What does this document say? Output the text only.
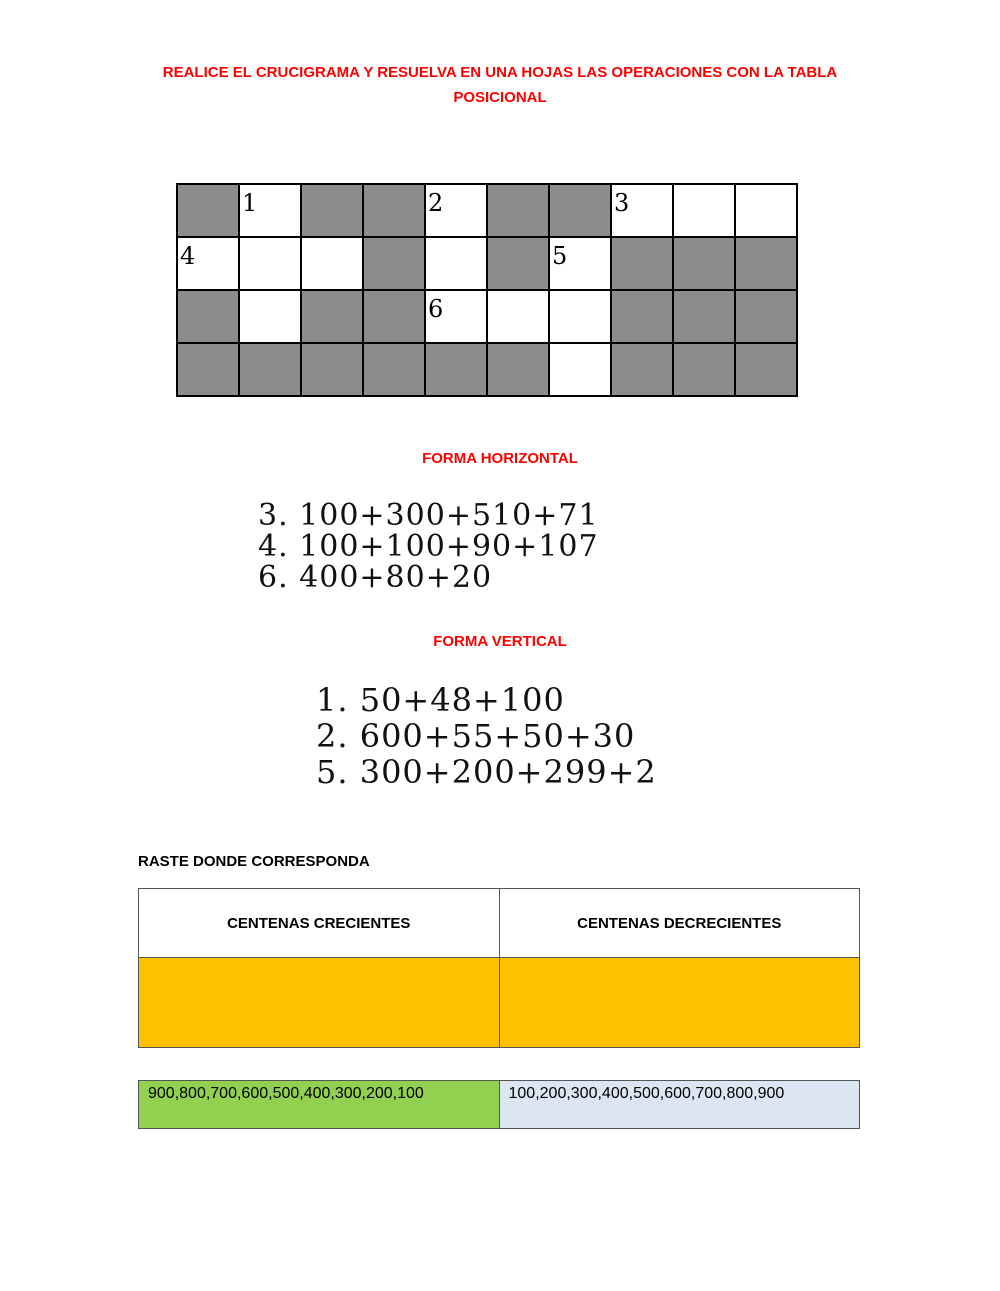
REALICE EL CRUCIGRAMA Y RESUELVA EN UNA HOJAS LAS OPERACIONES CON LA TABLA
POSICIONAL

	1			2			3		

4						5			

				6					

FORMA HORIZONTAL
3. 100+300+510+71
4. 100+100+90+107
6. 400+80+20
FORMA VERTICAL
1. 50+48+100
2. 600+55+50+30
5. 300+200+299+2
RASTE DONDE CORRESPONDA
CENTENAS CRECIENTES	CENTENAS DECRECIENTES

900,800,700,600,500,400,300,200,100	100,200,300,400,500,600,700,800,900
